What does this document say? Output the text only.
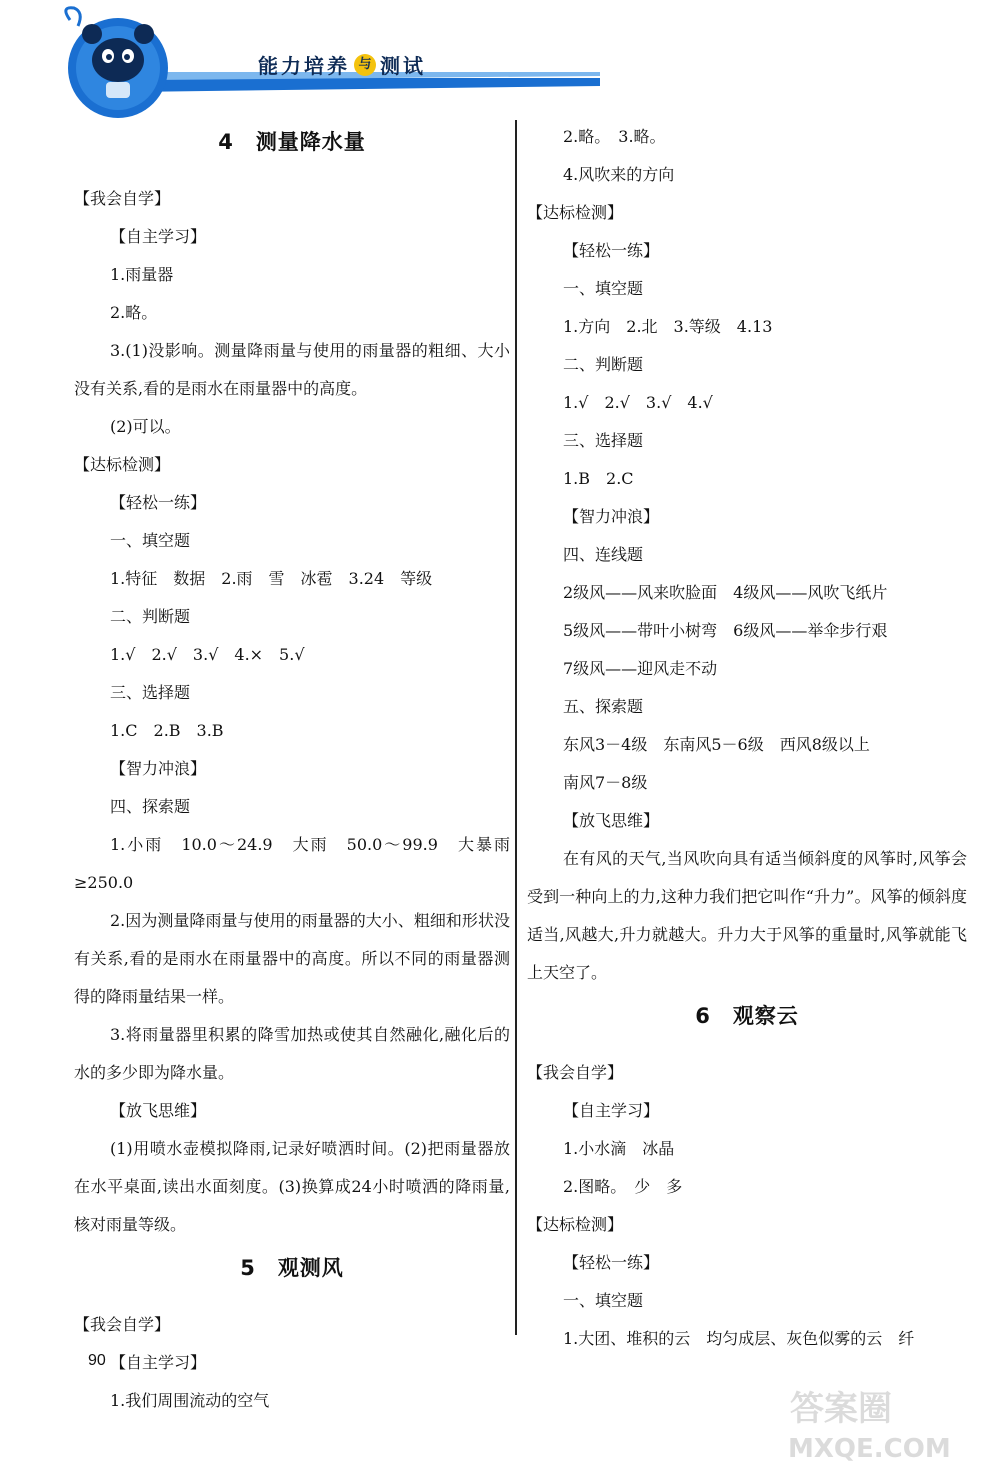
能力培养 与 测试
4 测量降水量
【我会自学】
【自主学习】
1.雨量器
2.略。
3.(1)没影响。测量降雨量与使用的雨量器的粗细、大小没有关系,看的是雨水在雨量器中的高度。
(2)可以。
【达标检测】
【轻松一练】
一、填空题
1.特征　数据　2.雨　雪　冰雹　3.24　等级
二、判断题
1.√　2.√　3.√　4.×　5.√
三、选择题
1.C　2.B　3.B
【智力冲浪】
四、探索题
1.小雨　10.0～24.9　大雨　50.0～99.9　大暴雨≥250.0
2.因为测量降雨量与使用的雨量器的大小、粗细和形状没有关系,看的是雨水在雨量器中的高度。所以不同的雨量器测得的降雨量结果一样。
3.将雨量器里积累的降雪加热或使其自然融化,融化后的水的多少即为降水量。
【放飞思维】
(1)用喷水壶模拟降雨,记录好喷洒时间。(2)把雨量器放在水平桌面,读出水面刻度。(3)换算成24小时喷洒的降雨量,核对雨量等级。
5 观测风
【我会自学】
【自主学习】
1.我们周围流动的空气
2.略。　3.略。
4.风吹来的方向
【达标检测】
【轻松一练】
一、填空题
1.方向　2.北　3.等级　4.13
二、判断题
1.√　2.√　3.√　4.√
三、选择题
1.B　2.C
【智力冲浪】
四、连线题
2级风——风来吹脸面　4级风——风吹飞纸片
5级风——带叶小树弯　6级风——举伞步行艰
7级风——迎风走不动
五、探索题
东风3－4级　东南风5－6级　西风8级以上
南风7－8级
【放飞思维】
在有风的天气,当风吹向具有适当倾斜度的风筝时,风筝会受到一种向上的力,这种力我们把它叫作“升力”。风筝的倾斜度适当,风越大,升力就越大。升力大于风筝的重量时,风筝就能飞上天空了。
6 观察云
【我会自学】
【自主学习】
1.小水滴　冰晶
2.图略。　少　多
【达标检测】
【轻松一练】
一、填空题
1.大团、堆积的云　均匀成层、灰色似雾的云　纤
90
答案圈
MXQE.COM
